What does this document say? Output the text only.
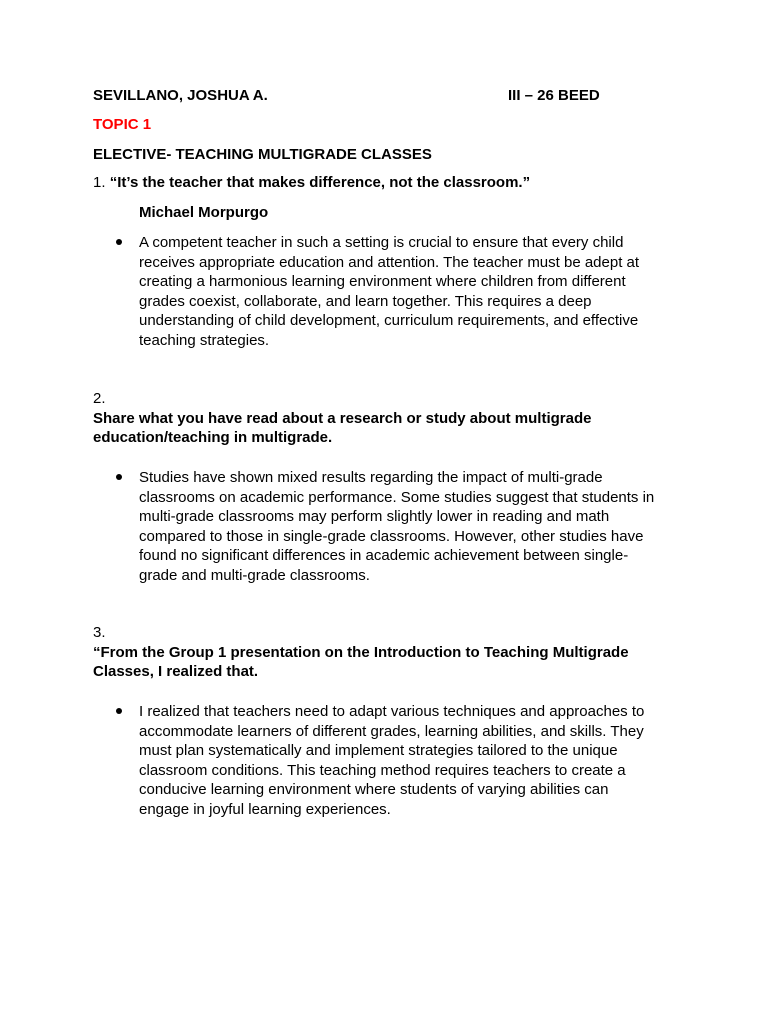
SEVILLANO, JOSHUA A.	III – 26 BEED
TOPIC 1
ELECTIVE- TEACHING MULTIGRADE CLASSES
1. “It’s the teacher that makes difference, not the classroom.”
Michael Morpurgo
A competent teacher in such a setting is crucial to ensure that every child
receives appropriate education and attention. The teacher must be adept at
creating a harmonious learning environment where children from different
grades coexist, collaborate, and learn together. This requires a deep
understanding of child development, curriculum requirements, and effective
teaching strategies.
2.
Share what you have read about a research or study about multigrade
education/teaching in multigrade.
Studies have shown mixed results regarding the impact of multi-grade
classrooms on academic performance. Some studies suggest that students in
multi-grade classrooms may perform slightly lower in reading and math
compared to those in single-grade classrooms. However, other studies have
found no significant differences in academic achievement between single-
grade and multi-grade classrooms.
3.
“From the Group 1 presentation on the Introduction to Teaching Multigrade
Classes, I realized that.
I realized that teachers need to adapt various techniques and approaches to
accommodate learners of different grades, learning abilities, and skills. They
must plan systematically and implement strategies tailored to the unique
classroom conditions. This teaching method requires teachers to create a
conducive learning environment where students of varying abilities can
engage in joyful learning experiences.
